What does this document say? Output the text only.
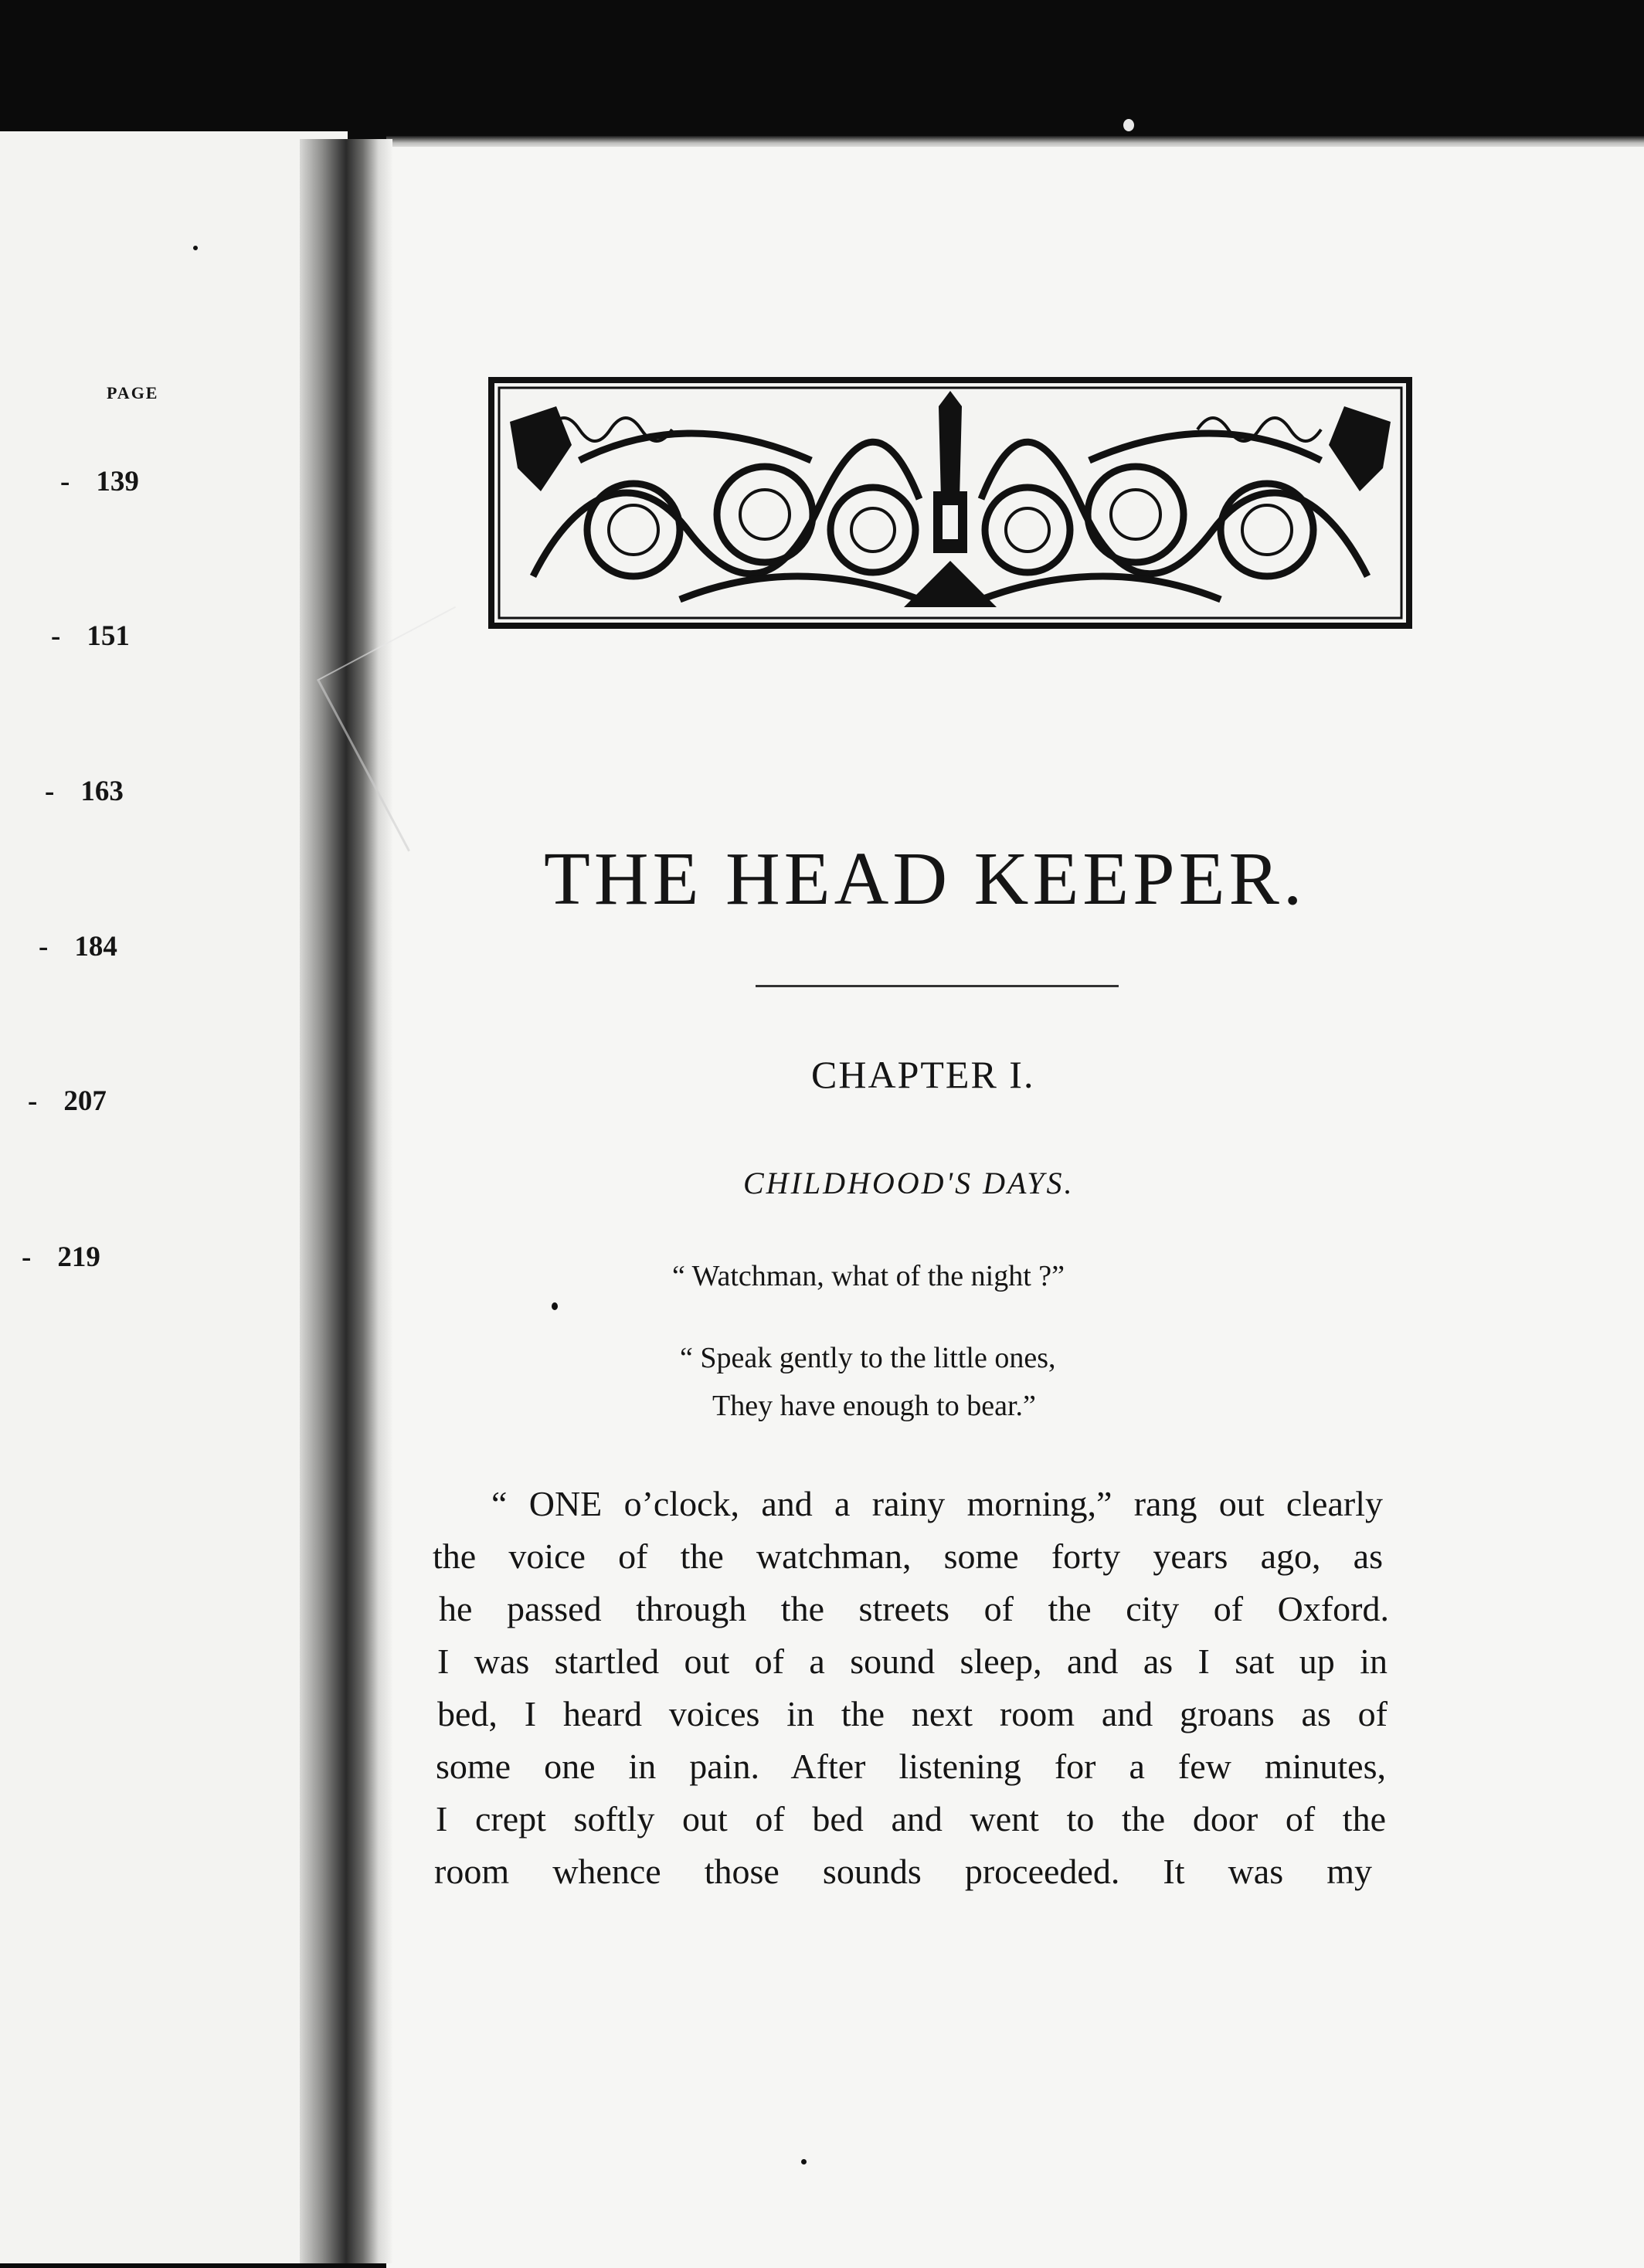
PAGE
- 139
- 151
- 163
- 184
- 207
- 219
THE HEAD KEEPER.
CHAPTER I.
CHILDHOOD'S DAYS.
“ Watchman, what of the night ?”
“ Speak gently to the little ones,
They have enough to bear.”
“ ONE o’clock, and a rainy morning,” rang out clearly
the voice of the watchman, some forty years ago, as
he passed through the streets of the city of Oxford.
I was startled out of a sound sleep, and as I sat up in
bed, I heard voices in the next room and groans as of
some one in pain. After listening for a few minutes,
I crept softly out of bed and went to the door of the
room whence those sounds proceeded. It was my
